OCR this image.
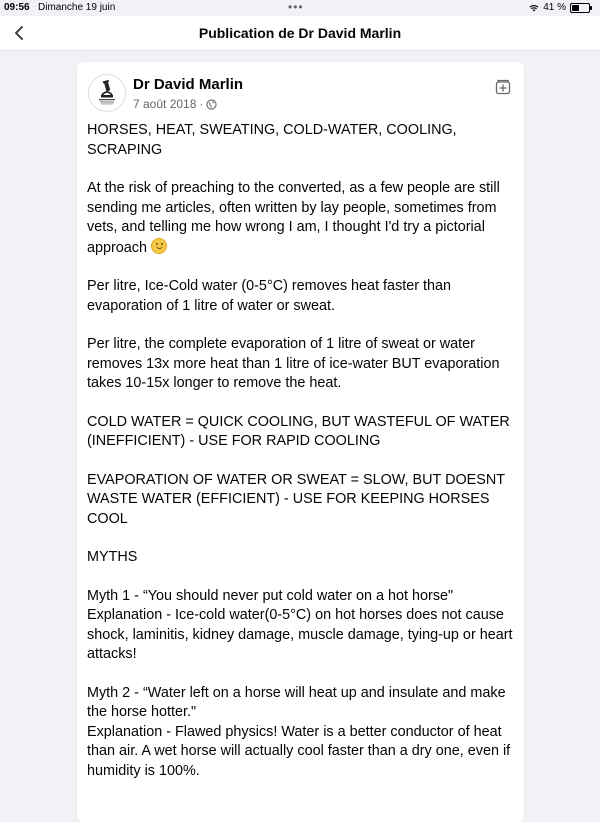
09:56 Dimanche 19 juin	•••	41 %
Publication de Dr David Marlin
Dr David Marlin
7 août 2018 ·

HORSES, HEAT, SWEATING, COLD-WATER, COOLING, SCRAPING

At the risk of preaching to the converted, as a few people are still sending me articles, often written by lay people, sometimes from vets, and telling me how wrong I am, I thought I'd try a pictorial approach

Per litre, Ice-Cold water (0-5°C) removes heat faster than evaporation of 1 litre of water or sweat.

Per litre, the complete evaporation of 1 litre of sweat or water removes 13x more heat than 1 litre of ice-water BUT evaporation takes 10-15x longer to remove the heat.

COLD WATER = QUICK COOLING, BUT WASTEFUL OF WATER (INEFFICIENT) - USE FOR RAPID COOLING

EVAPORATION OF WATER OR SWEAT = SLOW, BUT DOESNT WASTE WATER (EFFICIENT) - USE FOR KEEPING HORSES COOL

MYTHS

Myth 1 - “You should never put cold water on a hot horse"
Explanation - Ice-cold water(0-5°C) on hot horses does not cause shock, laminitis, kidney damage, muscle damage, tying-up or heart attacks!

Myth 2 - “Water left on a horse will heat up and insulate and make the horse hotter."
Explanation - Flawed physics! Water is a better conductor of heat than air. A wet horse will actually cool faster than a dry one, even if humidity is 100%.
